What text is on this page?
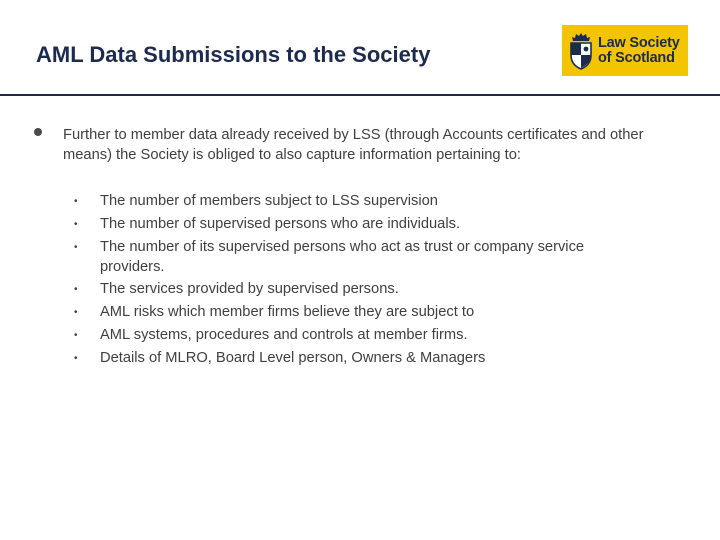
AML Data Submissions to the Society	Law Society
of Scotland
Further to member data already received by LSS (through Accounts certificates and other means) the Society is obliged to also capture information pertaining to:
• The number of members subject to LSS supervision
• The number of supervised persons who are individuals.
• The number of its supervised persons who act as trust or company service providers.
• The services provided by supervised persons.
• AML risks which member firms believe they are subject to
• AML systems, procedures and controls at member firms.
• Details of MLRO, Board Level person, Owners & Managers
